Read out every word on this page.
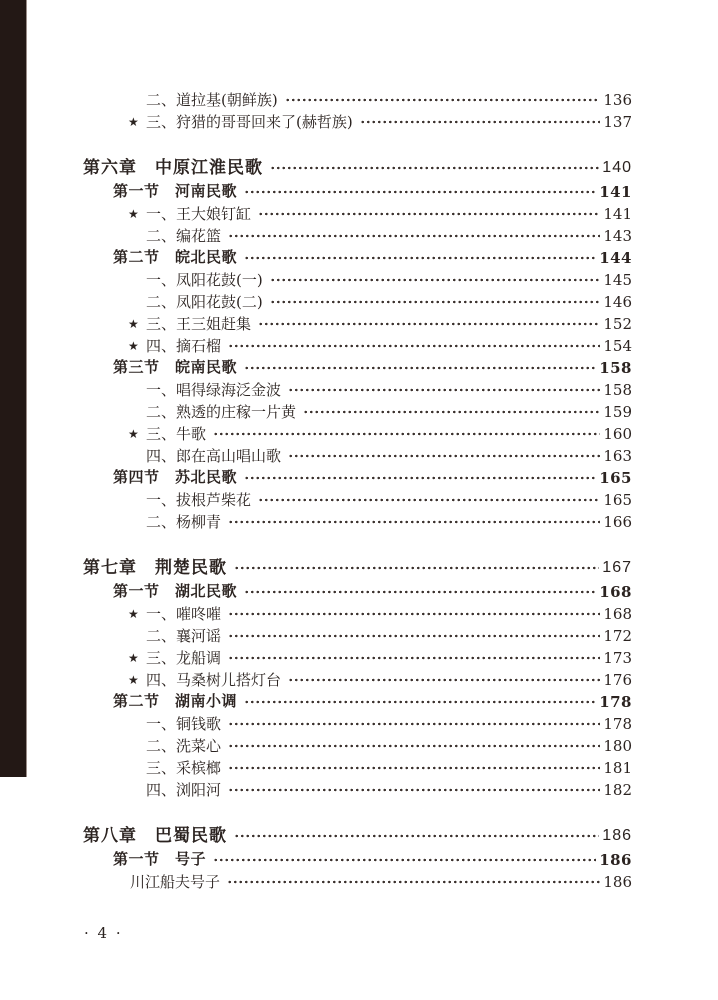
二、道拉基(朝鲜族)	136
★ 三、狩猎的哥哥回来了(赫哲族)	137
第六章　中原江淮民歌	140
第一节　河南民歌	141
★ 一、王大娘钉缸	141
二、编花篮	143
第二节　皖北民歌	144
一、凤阳花鼓(一)	145
二、凤阳花鼓(二)	146
★ 三、王三姐赶集	152
★ 四、摘石榴	154
第三节　皖南民歌	158
一、唱得绿海泛金波	158
二、熟透的庄稼一片黄	159
★ 三、牛歌	160
四、郎在高山唱山歌	163
第四节　苏北民歌	165
一、拔根芦柴花	165
二、杨柳青	166
第七章　荆楚民歌	167
第一节　湖北民歌	168
★ 一、嗺咚嗺	168
二、襄河谣	172
★ 三、龙船调	173
★ 四、马桑树儿搭灯台	176
第二节　湖南小调	178
一、铜钱歌	178
二、洗菜心	180
三、采槟榔	181
四、浏阳河	182
第八章　巴蜀民歌	186
第一节　号子	186
川江船夫号子	186
· 4 ·
